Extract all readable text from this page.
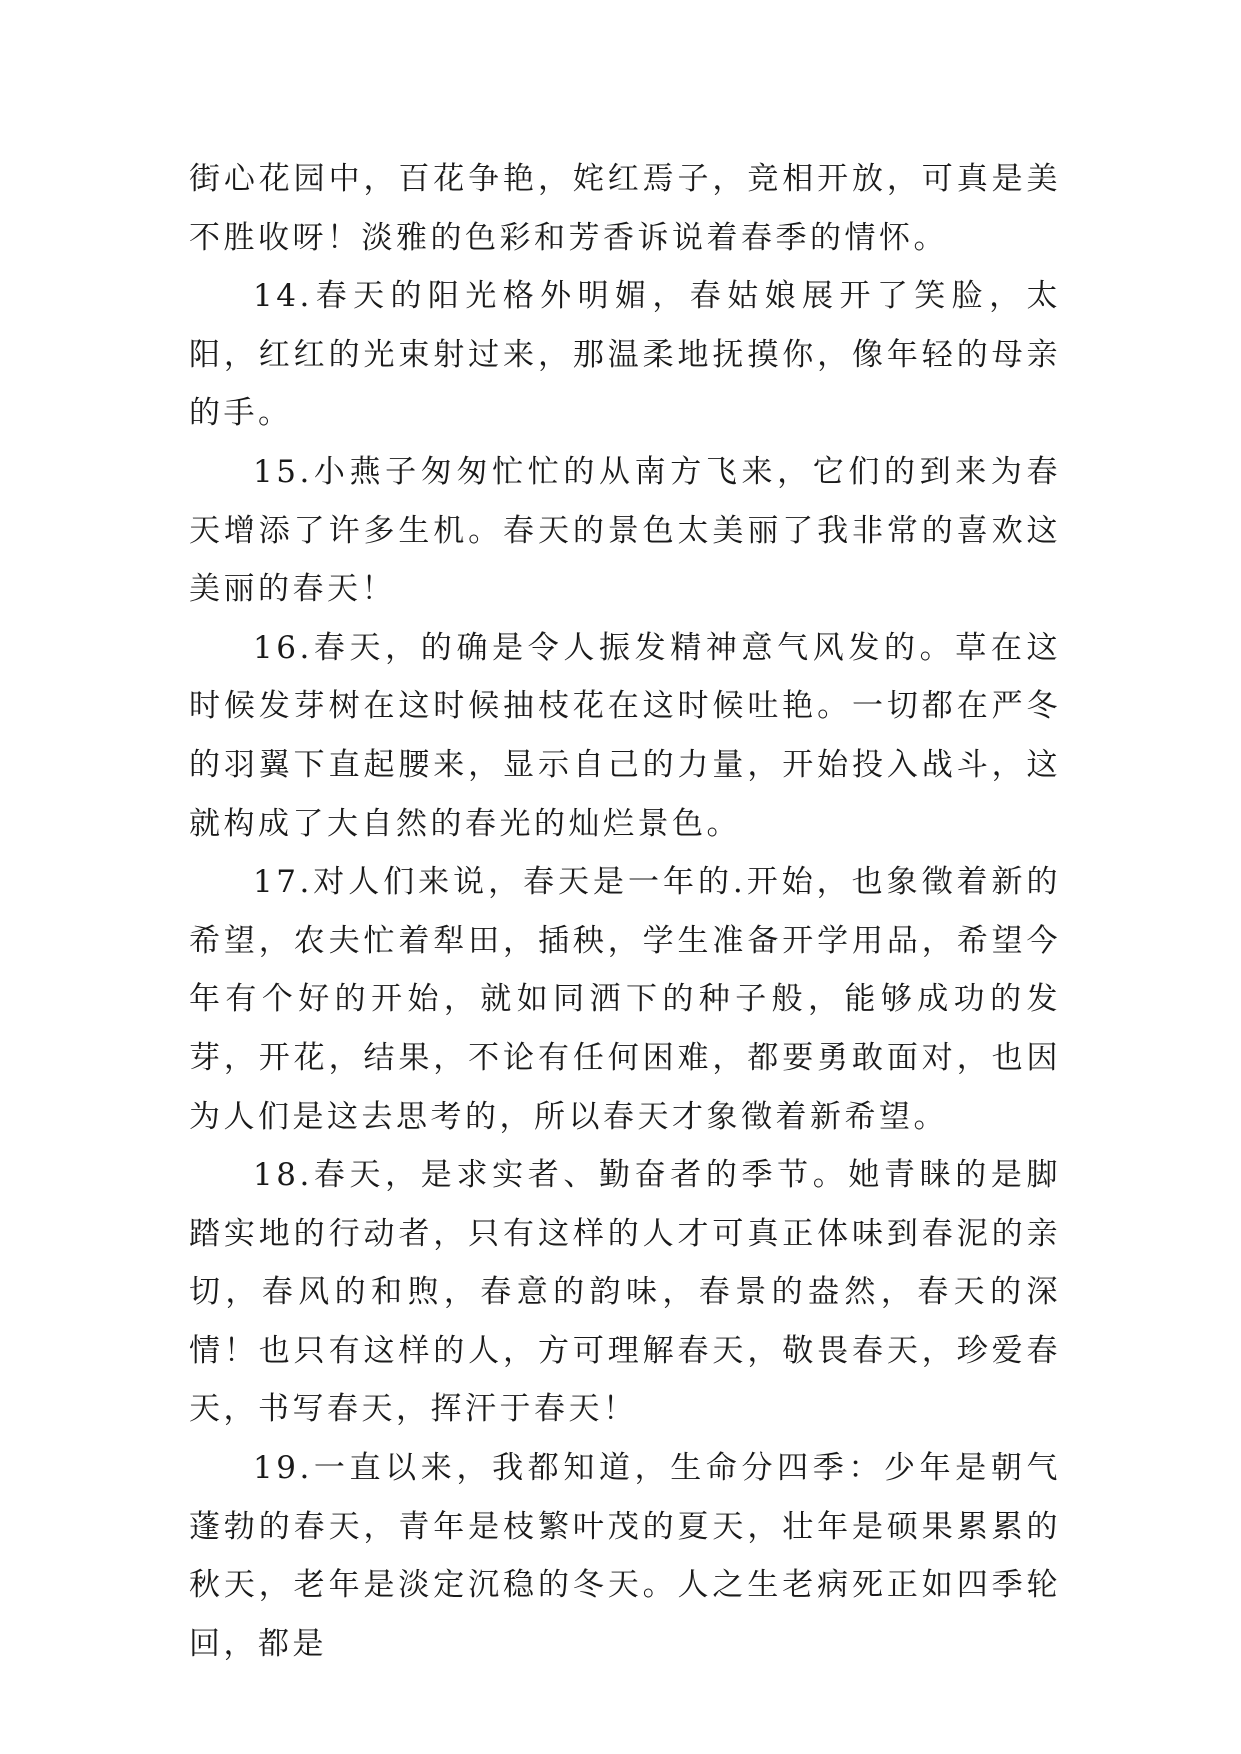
街心花园中，百花争艳，姹红焉子，竞相开放，可真是美不胜收呀！淡雅的色彩和芳香诉说着春季的情怀。

14.春天的阳光格外明媚，春姑娘展开了笑脸，太阳，红红的光束射过来，那温柔地抚摸你，像年轻的母亲的手。

15.小燕子匆匆忙忙的从南方飞来，它们的到来为春天增添了许多生机。春天的景色太美丽了我非常的喜欢这美丽的春天！

16.春天，的确是令人振发精神意气风发的。草在这时候发芽树在这时候抽枝花在这时候吐艳。一切都在严冬的羽翼下直起腰来，显示自己的力量，开始投入战斗，这就构成了大自然的春光的灿烂景色。

17.对人们来说，春天是一年的.开始，也象徵着新的希望，农夫忙着犁田，插秧，学生准备开学用品，希望今年有个好的开始，就如同洒下的种子般，能够成功的发芽，开花，结果，不论有任何困难，都要勇敢面对，也因为人们是这去思考的，所以春天才象徵着新希望。

18.春天，是求实者、勤奋者的季节。她青睐的是脚踏实地的行动者，只有这样的人才可真正体味到春泥的亲切，春风的和煦，春意的韵味，春景的盎然，春天的深情！也只有这样的人，方可理解春天，敬畏春天，珍爱春天，书写春天，挥汗于春天！

19.一直以来，我都知道，生命分四季：少年是朝气蓬勃的春天，青年是枝繁叶茂的夏天，壮年是硕果累累的秋天，老年是淡定沉稳的冬天。人之生老病死正如四季轮回，都是
